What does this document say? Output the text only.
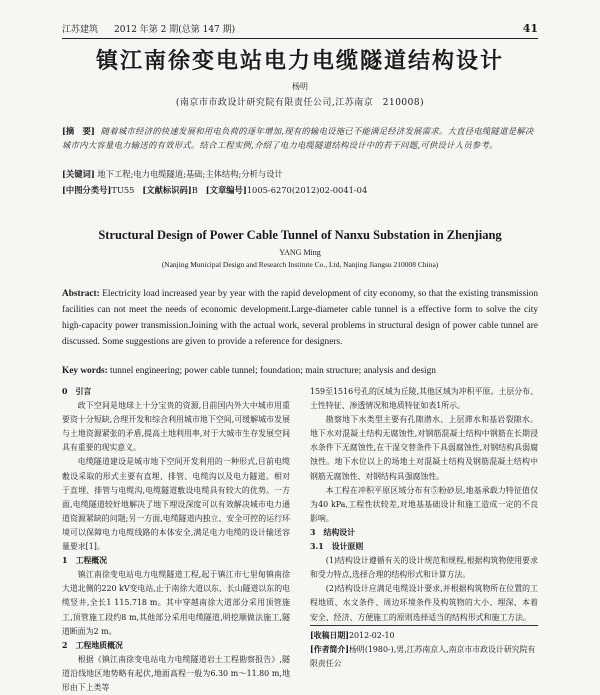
江苏建筑 2012 年第 2 期(总第 147 期)	41
镇江南徐变电站电力电缆隧道结构设计
杨明
(南京市市政设计研究院有限责任公司,江苏南京　210008)
[摘　要] 随着城市经济的快速发展和用电负荷的逐年增加,现有的输电设施已不能满足经济发展需求。大直径电缆隧道是解决城市内大容量电力输送的有效形式。结合工程实例,介绍了电力电缆隧道结构设计中的若干问题,可供设计人员参考。
[关键词] 地下工程;电力电缆隧道;基础;主体结构;分析与设计
[中图分类号]TU55 [文献标识码]B [文章编号]1005-6270(2012)02-0041-04
Structural Design of Power Cable Tunnel of Nanxu Substation in Zhenjiang
YANG Ming
(Nanjing Municipal Design and Research Institute Co., Ltd, Nanjing Jiangsu 210008 China)
Abstract: Electricity load increased year by year with the rapid development of city economy, so that the existing transmission facilities can not meet the needs of economic development.Large-diameter cable tunnel is a effective form to solve the city high-capacity power transmission.Joining with the actual work, several problems in structural design of power cable tunnel are discussed. Some suggestions are given to provide a reference for designers.
Key words: tunnel engineering; power cable tunnel; foundation; main structure; analysis and design

0 引言

政下空间是地球上十分宝贵的资源,目前国内外大中城市用重要资十分短缺,合理开发和综合利用城市地下空间,可缓解城市发展与土地资源紧张的矛盾,提高土地利用率,对于大城市生存发展空间具有重要的现实意义。

电缆隧道建设是城市地下空间开发利用的一种形式,目前电缆敷设采取的形式主要有直埋、排管、电缆沟以及电力隧道。相对于直埋、排管与电缆沟,电缆隧道敷设电缆具有较大的优势。一方面,电缆隧道较好地解决了地下埋设深度可以有效解决城市电力通道资源紧缺的问题;另一方面,电缆隧道内独立、安全可控的运行环境可以保障电力电缆线路的本体安全,满足电力电缆的设计输送容量要求[1]。

1 工程概况

镇江南徐变电站电力电缆隧道工程,起于镇江市七里甸镇南徐大道北侧的220 kV变电站,止于南徐大道以东、长山隧道以东的电缆竖井,全长1 115.718 m。其中穿越南徐大道部分采用顶管施工,顶管施工段约8 m,其他部分采用电缆隧道,明挖顺做法施工,隧道断面为2 m。

2 工程地质概况

根据《镇江南徐变电站电力电缆隧道岩土工程勘察报告》,隧道沿线地区地势略有起伏,地面高程一般为6.30 m～11.80 m,地形由下上类等

159至1516号孔的区域为丘陵,其他区域为冲积平原。土层分布、土性特征、渗透情况和地质特征如表1所示。

勘察地下水类型主要有孔隙潜水、上层滞水和基岩裂隙水。地下水对混凝土结构无腐蚀性,对钢筋混凝土结构中钢筋在长期浸水条件下无腐蚀性,在干湿交替条件下具弱腐蚀性,对钢结构具弱腐蚀性。地下水位以上的场地土对混凝土结构及钢筋混凝土结构中钢筋无腐蚀性、对钢结构具强腐蚀性。

本工程在冲积平原区域分布有⑤粉砂层,地基承载力特征值仅为40 kPa,工程性状较差,对地基基础设计和施工造成一定的不良影响。

3 结构设计

3.1 设计原则

(1)结构设计遵循有关的设计规范和规程,根据构筑物使用要求和受力特点,选择合理的结构形式和计算方法。

(2)结构设计应满足电缆设计要求,并根据构筑物所在位置的工程地质、水文条件、周边环境条件及构筑物的大小、埋深、本着安全、经济、方便施工的原则选择适当的结构形式和施工方法。

[收稿日期]2012-02-10
[作者简介]杨明(1980-),男,江苏南京人,南京市市政设计研究院有限责任公
